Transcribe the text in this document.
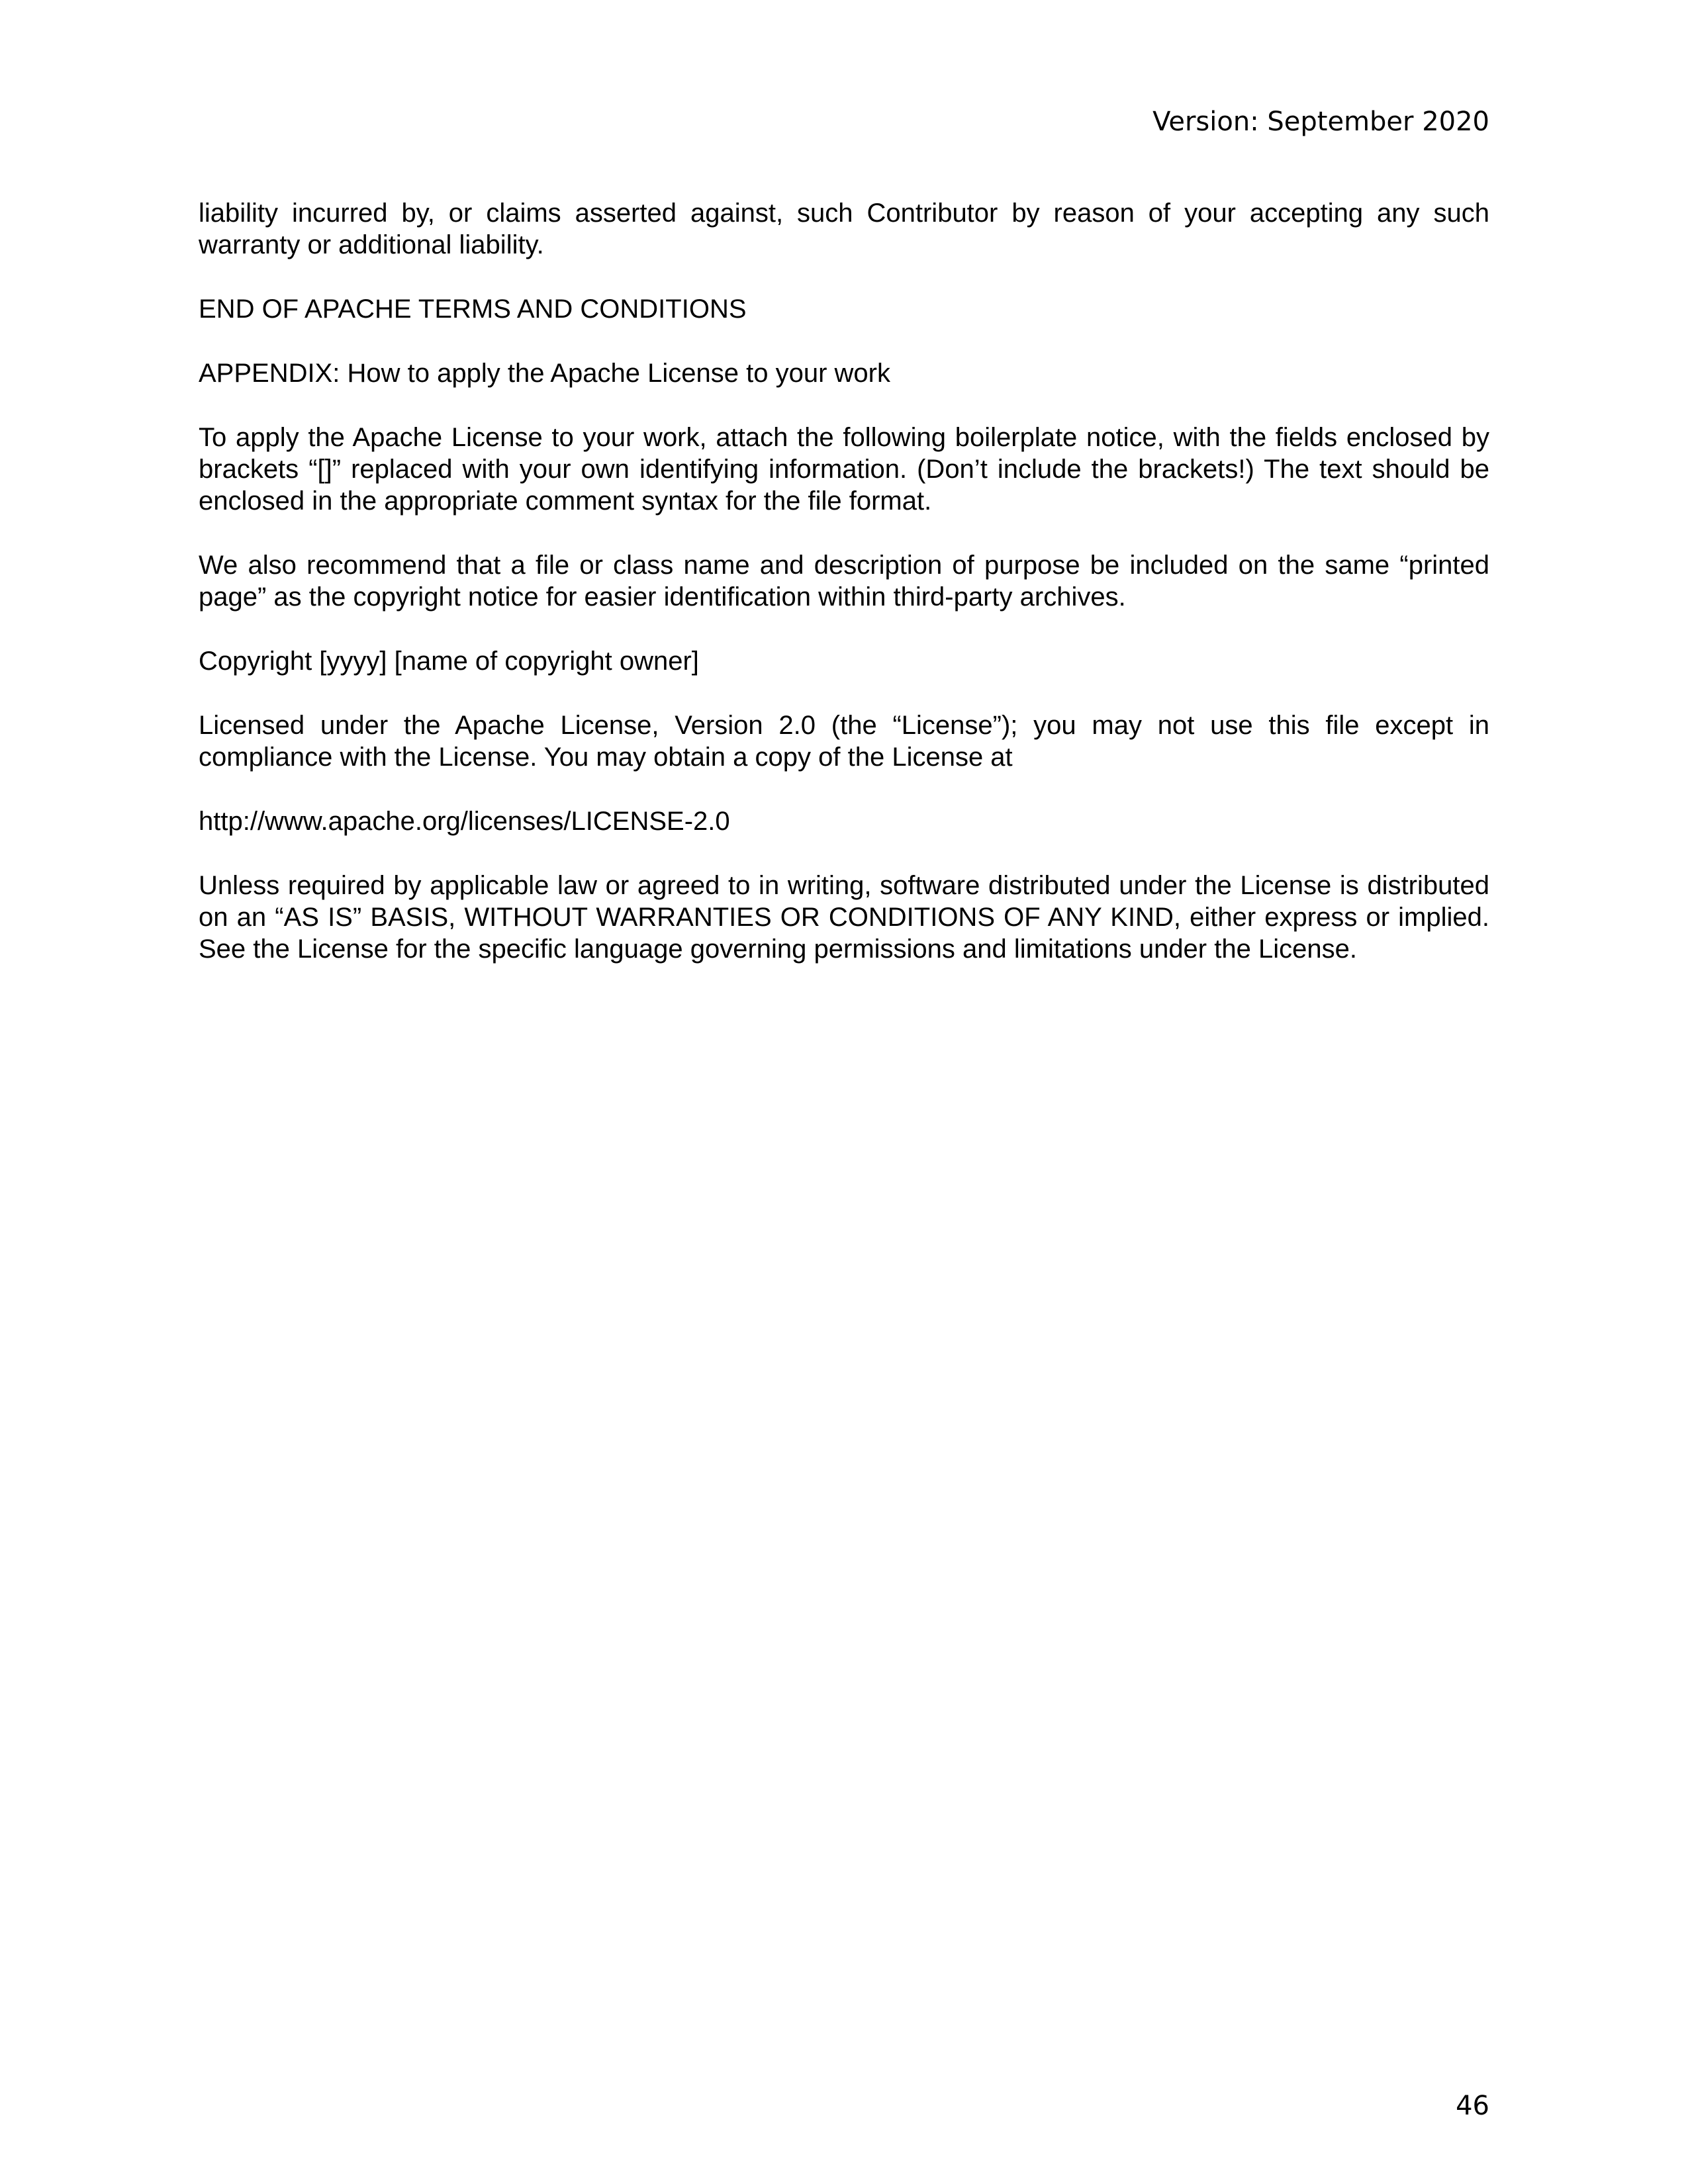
Version: September 2020

liability incurred by, or claims asserted against, such Contributor by reason of your accepting any such warranty or additional liability.

END OF APACHE TERMS AND CONDITIONS

APPENDIX: How to apply the Apache License to your work

To apply the Apache License to your work, attach the following boilerplate notice, with the fields enclosed by brackets “[]” replaced with your own identifying information. (Don’t include the brackets!) The text should be enclosed in the appropriate comment syntax for the file format.

We also recommend that a file or class name and description of purpose be included on the same “printed page” as the copyright notice for easier identification within third-party archives.

Copyright [yyyy] [name of copyright owner]

Licensed under the Apache License, Version 2.0 (the “License”); you may not use this file except in compliance with the License. You may obtain a copy of the License at

http://www.apache.org/licenses/LICENSE-2.0

Unless required by applicable law or agreed to in writing, software distributed under the License is distributed on an “AS IS” BASIS, WITHOUT WARRANTIES OR CONDITIONS OF ANY KIND, either express or implied. See the License for the specific language governing permissions and limitations under the License.

46
